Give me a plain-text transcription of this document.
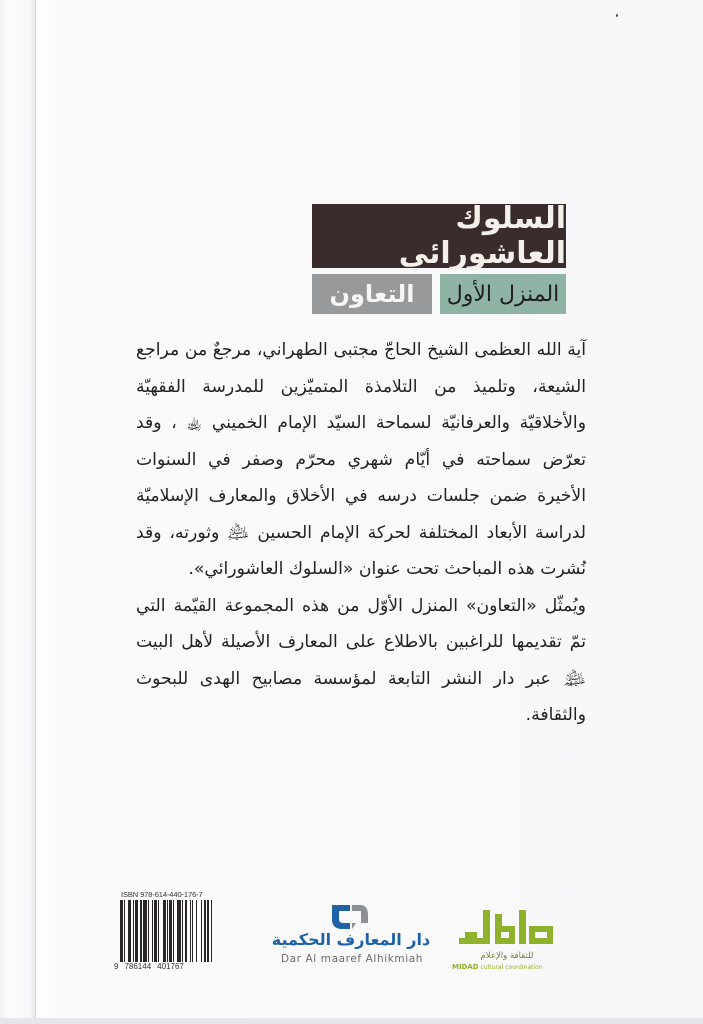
السلوك العاشورائي
التعاون المنزل الأول

آية الله العظمى الشيخ الحاجّ مجتبى الطهراني، مرجعٌ من مراجع الشيعة، وتلميذ من التلامذة المتميّزين للمدرسة الفقهيّة والأخلاقيّة والعرفانيّة لسماحة السيّد الإمام الخميني ﵀ ، وقد تعرّض سماحته في أيّام شهري محرّم وصفر في السنوات الأخيرة ضمن جلسات درسه في الأخلاق والمعارف الإسلاميّة لدراسة الأبعاد المختلفة لحركة الإمام الحسين ﵇ وثورته، وقد نُشرت هذه المباحث تحت عنوان «السلوك العاشورائي».

ويُمثّل «التعاون» المنزل الأوّل من هذه المجموعة القيّمة التي تمّ تقديمها للراغبين بالاطلاع على المعارف الأصيلة لأهل البيت ﵈ عبر دار النشر التابعة لمؤسسة مصابيح الهدى للبحوث والثقافة.

ISBN 978-614-440-176-7
9 786144 401767
دار المعارف الحكمية
Dar Al maaref Alhikmiah	للثقافة والإعلام
MIDAD cultural coordination
